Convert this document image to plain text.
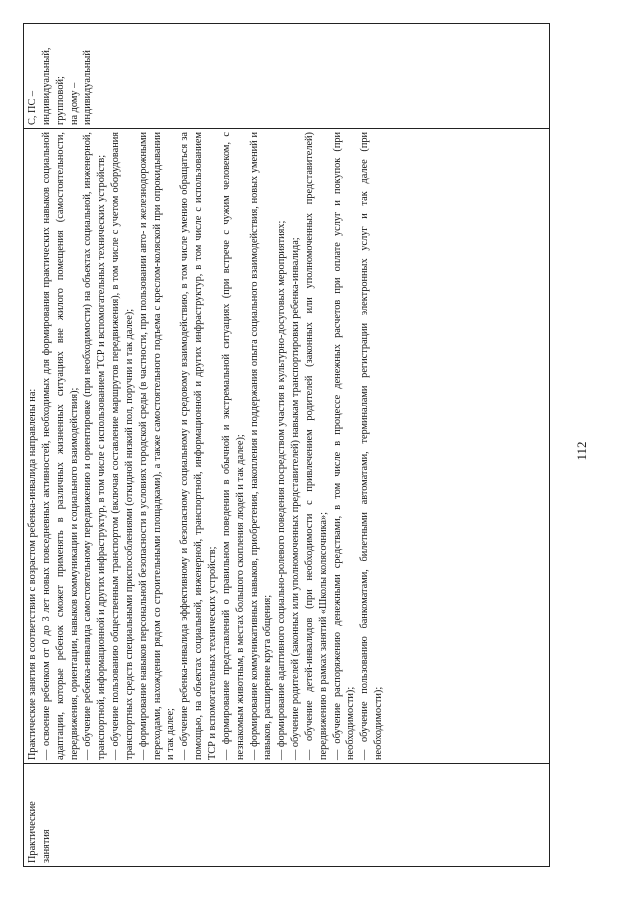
112
Практические занятия	

Практические занятия в соответствии с возрастом ребенка-инвалида направлены на: — освоение ребенком от 0 до 3 лет новых повседневных активностей, необходимых для формирования практических навыков социальной адаптации, которые ребенок сможет применять в различных жизненных ситуациях вне жилого помещения (самостоятельности, передвижения, ориентации, навыков коммуникации и социального взаимодействия); — обучение ребенка-инвалида самостоятельному передвижению и ориентировке (при необходимости) на объектах социальной, инженерной, транспортной, информационной и других инфраструктур, в том числе с использованием ТСР и вспомогательных технических устройств; — обучение пользованию общественным транспортом (включая составление маршрутов передвижения), в том числе с учетом оборудования транспортных средств специальными приспособлениями (откидной низкий пол, поручни и так далее); — формирование навыков персональной безопасности в условиях городской среды (в частности, при пользовании авто- и железнодорожными переходами, нахождении рядом со строительными площадками), а также самостоятельного подъема с креслом-коляской при опрокидывании и так далее; — обучение ребенка-инвалида эффективному и безопасному социальному и средовому взаимодействию, в том числе умению обращаться за помощью, на объектах социальной, инженерной, транспортной, информационной и других инфраструктур, в том числе с использованием ТСР и вспомогательных технических устройств; — формирование представлений о правильном поведении в обычной и экстремальной ситуациях (при встрече с чужим человеком, с незнакомым животным, в местах большого скопления людей и так далее); — формирование коммуникативных навыков, приобретения, накопления и поддержания опыта социального взаимодействия, новых умений и навыков, расширение круга общения; — формирование адаптивного социально-ролевого поведения посредством участия в культурно-досуговых мероприятиях; — обучение родителей (законных или уполномоченных представителей) навыкам транспортировки ребенка-инвалида; — обучение детей-инвалидов (при необходимости с привлечением родителей (законных или уполномоченных представителей) передвижению в рамках занятий «Школы колясочника»; — обучение распоряжению денежными средствами, в том числе в процессе денежных расчетов при оплате услуг и покупок (при необходимости); — обучение пользованию банкоматами, билетными автоматами, терминалами регистрации электронных услуг и так далее (при необходимости);

С, ПС – индивидуальный, групповой; на дому – индивидуальный
